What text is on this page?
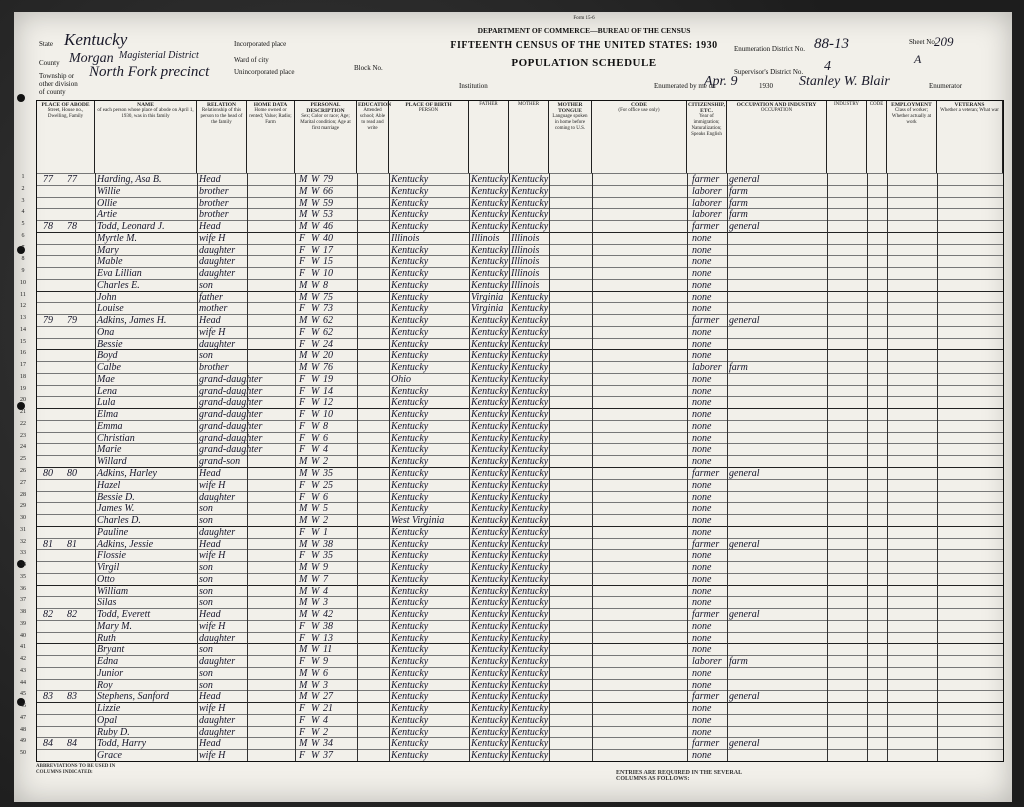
State Kentucky
County Morgan Magisterial District
Township or other division of county
North Fork precinct
Incorporated place
Ward of city
Unincorporated place	Block No.
Institution
Form 15-6
DEPARTMENT OF COMMERCE—BUREAU OF THE CENSUS
FIFTEENTH CENSUS OF THE UNITED STATES: 1930
POPULATION SCHEDULE
Enumeration District No. 88-13
Supervisor's District No. 4
Sheet No.
209
A
Enumerated by me on
Apr. 9	1930 Stanley W. Blair	Enumerator
PLACE OF ABODE
Street, House no., Dwelling, Family
NAME
of each person whose place of abode on April 1, 1930, was in this family
RELATION
Relationship of this person to the head of the family
HOME DATA
Home owned or rented; Value; Radio; Farm
PERSONAL DESCRIPTION
Sex; Color or race; Age; Marital condition; Age at first marriage
EDUCATION
Attended school; Able to read and write
PLACE OF BIRTH
PERSON
FATHER	MOTHER	MOTHER TONGUE
Language spoken in home before coming to U.S.
CODE
(For office use only)
CITIZENSHIP, ETC.
Year of immigration; Naturalization; Speaks English
OCCUPATION AND INDUSTRY
OCCUPATION
INDUSTRY	CODE	EMPLOYMENT
Class of worker; Whether actually at work
VETERANS
Whether a veteran; What war
1	77	77	Harding, Asa B.	Head	M W 79	Kentucky	Kentucky Kentucky	farmer general
2	Willie	brother	M W 66	Kentucky	Kentucky Kentucky	laborer farm
3	Ollie	brother	M W 59	Kentucky	Kentucky Kentucky	laborer farm
4	Artie	brother	M W 53	Kentucky	Kentucky Kentucky	laborer farm
5	78	78	Todd, Leonard J.	Head	M W 46	Kentucky	Kentucky Kentucky	farmer general
6	Myrtle M.	wife H	F W 40	Illinois	Illinois	Illinois	none
7	Mary	daughter	F W 17	Kentucky	Kentucky Illinois	none
8	Mable	daughter	F W 15	Kentucky	Kentucky Illinois	none
9	Eva Lillian	daughter	F W 10	Kentucky	Kentucky Illinois	none
10	Charles E.	son	M W 8	Kentucky	Kentucky Illinois	none
11	John	father	M W 75	Kentucky	Virginia Kentucky	none
12	Louise	mother	F W 73	Kentucky	Virginia Kentucky	none
13	79	79	Adkins, James H.	Head	M W 62	Kentucky	Kentucky Kentucky	farmer general
14	Ona	wife H	F W 62	Kentucky	Kentucky Kentucky	none
15	Bessie	daughter	F W 24	Kentucky	Kentucky Kentucky	none
16	Boyd	son	M W 20	Kentucky	Kentucky Kentucky	none
17	Calbe	brother	M W 76	Kentucky	Kentucky Kentucky	laborer farm
18	Mae	grand-daughter	F W 19	Ohio	Kentucky Kentucky	none
19	Lena	grand-daughter	F W 14	Kentucky	Kentucky Kentucky	none
20	Lula	grand-daughter	F W 12	Kentucky	Kentucky Kentucky	none
21	Elma	grand-daughter	F W 10	Kentucky	Kentucky Kentucky	none
22	Emma	grand-daughter	F W 8	Kentucky	Kentucky Kentucky	none
23	Christian	grand-daughter	F W 6	Kentucky	Kentucky Kentucky	none
24	Marie	grand-daughter	F W 4	Kentucky	Kentucky Kentucky	none
25	Willard	grand-son	M W 2	Kentucky	Kentucky Kentucky	none
26	80	80	Adkins, Harley	Head	M W 35	Kentucky	Kentucky Kentucky	farmer general
27	Hazel	wife H	F W 25	Kentucky	Kentucky Kentucky	none
28	Bessie D.	daughter	F W 6	Kentucky	Kentucky Kentucky	none
29	James W.	son	M W 5	Kentucky	Kentucky Kentucky	none
30	Charles D.	son	M W 2	West Virginia	Kentucky Kentucky	none
31	Pauline	daughter	F W 1	Kentucky	Kentucky Kentucky	none
32	81	81	Adkins, Jessie	Head	M W 38	Kentucky	Kentucky Kentucky	farmer general
33	Flossie	wife H	F W 35	Kentucky	Kentucky Kentucky	none
34	Virgil	son	M W 9	Kentucky	Kentucky Kentucky	none
35	Otto	son	M W 7	Kentucky	Kentucky Kentucky	none
36	William	son	M W 4	Kentucky	Kentucky Kentucky	none
37	Silas	son	M W 3	Kentucky	Kentucky Kentucky	none
38	82	82	Todd, Everett	Head	M W 42	Kentucky	Kentucky Kentucky	farmer general
39	Mary M.	wife H	F W 38	Kentucky	Kentucky Kentucky	none
40	Ruth	daughter	F W 13	Kentucky	Kentucky Kentucky	none
41	Bryant	son	M W 11	Kentucky	Kentucky Kentucky	none
42	Edna	daughter	F W 9	Kentucky	Kentucky Kentucky	laborer farm
43	Junior	son	M W 6	Kentucky	Kentucky Kentucky	none
44	Roy	son	M W 3	Kentucky	Kentucky Kentucky	none
45	83	83	Stephens, Sanford	Head	M W 27	Kentucky	Kentucky Kentucky	farmer general
46	Lizzie	wife H	F W 21	Kentucky	Kentucky Kentucky	none
47	Opal	daughter	F W 4	Kentucky	Kentucky Kentucky	none
48	Ruby D.	daughter	F W 2	Kentucky	Kentucky Kentucky	none
49	84	84	Todd, Harry	Head	M W 34	Kentucky	Kentucky Kentucky	farmer general
50	Grace	wife H	F W 37	Kentucky	Kentucky Kentucky	none
ABBREVIATIONS TO BE USED IN COLUMNS INDICATED:	ENTRIES ARE REQUIRED IN THE SEVERAL COLUMNS AS FOLLOWS:
